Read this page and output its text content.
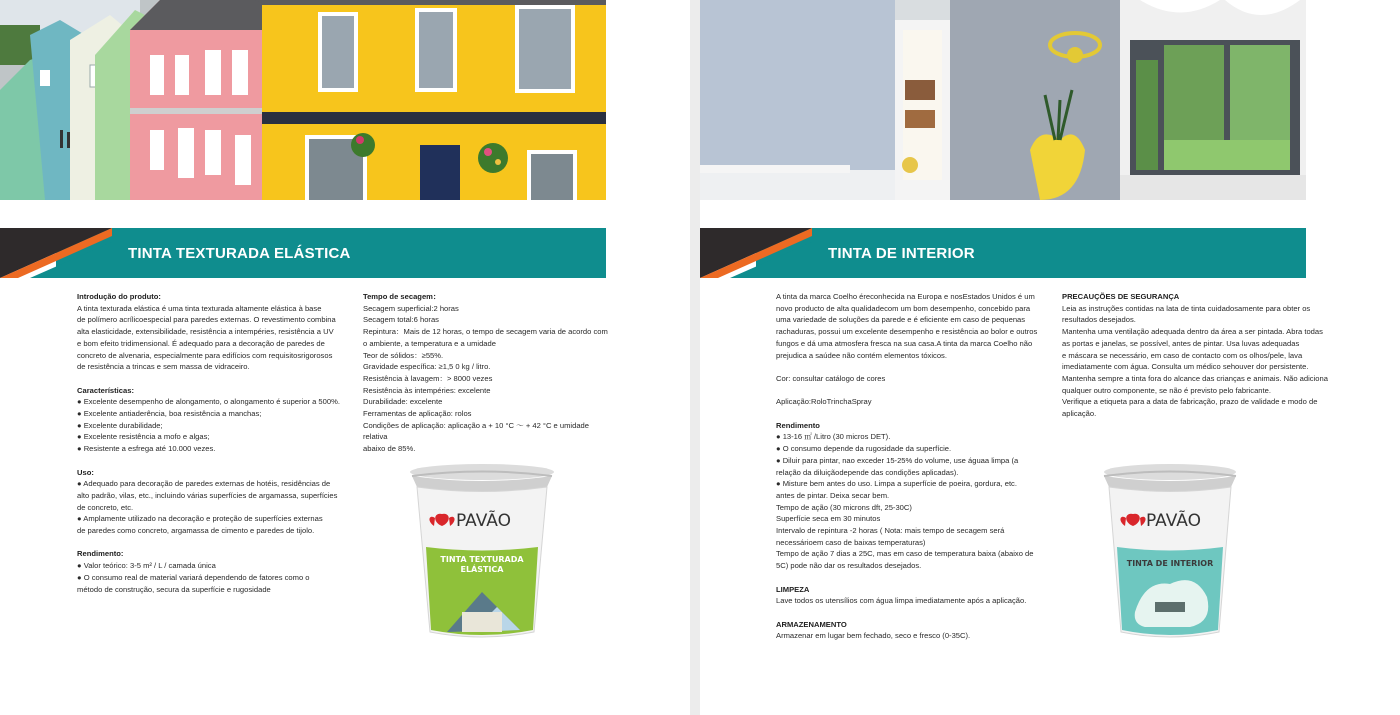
TINTA TEXTURADA ELÁSTICA

Introdução do produto:

A tinta texturada elástica é uma tinta texturada altamente elástica à base

de polímero acrílicoespecial para paredes externas. O revestimento combina

alta elasticidade, extensibilidade, resistência a intempéries, resistência a UV

e bom efeito tridimensional. É adequado para a decoração de paredes de

concreto de alvenaria, especialmente para edifícios com requisitosrigorosos

de resistência a trincas e sem massa de vidraceiro.

Características:

● Excelente desempenho de alongamento, o alongamento é superior a 500%.

● Excelente antiaderência, boa resistência a manchas;

● Excelente durabilidade;

● Excelente resistência a mofo e algas;

● Resistente a esfrega até 10.000 vezes.

Uso:

● Adequado para decoração de paredes externas de hotéis, residências de

alto padrão, vilas, etc., incluindo várias superfícies de argamassa, superfícies

de concreto, etc.

● Amplamente utilizado na decoração e proteção de superfícies externas

de paredes como concreto, argamassa de cimento e paredes de tijolo.

Rendimento:

● Valor teórico: 3-5 m² / L / camada única

● O consumo real de material variará dependendo de fatores como o

método de construção, secura da superfície e rugosidade

Tempo de secagem：

Secagem superficial:2 horas

Secagem total:6 horas

Repintura：Mais de 12 horas, o tempo de secagem varia de acordo com

o ambiente, a temperatura e a umidade

Teor de sólidos：≥55%.

Gravidade específica: ≥1,5 0 kg / litro.

Resistência à lavagem：> 8000 vezes

Resistência às intempéries: excelente

Durabilidade: excelente

Ferramentas de aplicação: rolos

Condições de aplicação: aplicação a + 10 °C ～ + 42 °C e umidade relativa

abaixo de 85%.

PAVÃO
TINTA TEXTURADA
ELÁSTICA
TINTA DE INTERIOR

A tinta da marca Coelho éreconhecida na Europa e nosEstados Unidos é um

novo producto de alta qualidadecom um bom desempenho, concebido para

uma variedade de soluções da parede e é eficiente em caso de pequenas

rachaduras, possui um excelente desempenho e resistência ao bolor e outros

fungos e dá uma atmosfera fresca na sua casa.A tinta da marca Coelho não

prejudica a saúdee não contém elementos tóxicos.

Cor: consultar catálogo de cores

Aplicação:RoloTrinchaSpray

Rendimento

● 13-16 ㎡ /Litro (30 micros DET).

● O consumo depende da rugosidade da superfície.

● Diluir para pintar, nao exceder 15-25% do volume, use águaa limpa (a

relação da diluiçãodepende das condições aplicadas).

● Misture bem antes do uso. Limpa a superfície de poeira, gordura, etc.

antes de pintar. Deixa secar bem.

Tempo de ação (30 microns dft, 25-30C)

Superfície seca em 30 minutos

Intervalo de repintura -2 horas ( Nota: mais tempo de secagem será

necessárioem caso de baixas temperaturas)

Tempo de ação 7 dias a 25C, mas em caso de temperatura baixa (abaixo de

5C) pode não dar os resultados desejados.

LIMPEZA

Lave todos os utensílios com água limpa imediatamente após a aplicação.

ARMAZENAMENTO

Armazenar em lugar bem fechado, seco e fresco (0-35C).

PRECAUÇÕES DE SEGURANÇA

Leia as instruções contidas na lata de tinta cuidadosamente para obter os

resultados desejados.

Mantenha uma ventilação adequada dentro da área a ser pintada. Abra todas

as portas e janelas, se possível, antes de pintar. Usa luvas adequadas

e máscara se necessário, em caso de contacto com os olhos/pele, lava

imediatamente com água. Consulta um médico sehouver dor persistente.

Mantenha sempre a tinta fora do alcance das crianças e animais. Não adiciona

qualquer outro componente, se não é previsto pelo fabricante.

Verifique a etiqueta para a data de fabricação, prazo de validade e modo de

aplicação.

PAVÃO
TINTA DE INTERIOR
